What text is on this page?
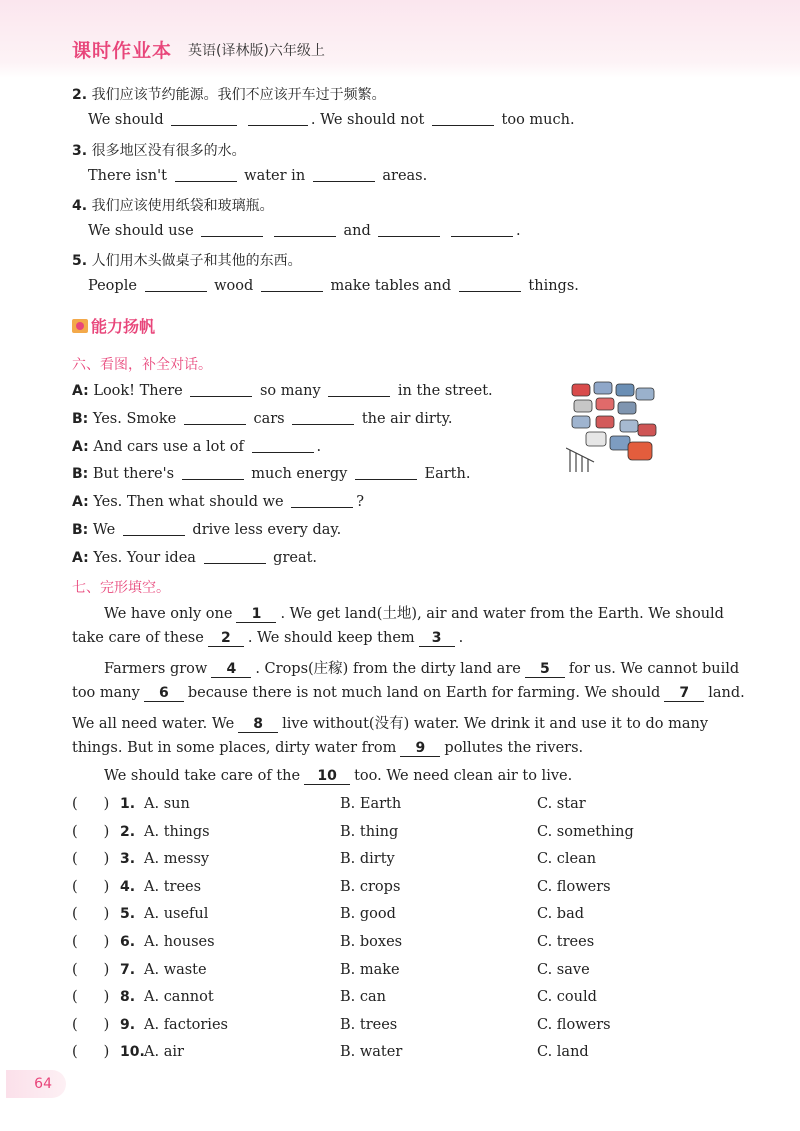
课时作业本 英语(译林版)六年级上
2. 我们应该节约能源。我们不应该开车过于频繁。
We should	. We should not	too much.
3. 很多地区没有很多的水。
There isn't	water in	areas.
4. 我们应该使用纸袋和玻璃瓶。
We should use	and	.
5. 人们用木头做桌子和其他的东西。
People	wood	make tables and	things.
能力扬帆
六、看图，补全对话。
A: Look! There	so many	in the street.
B: Yes. Smoke	cars	the air dirty.
A: And cars use a lot of	.
B: But there's	much energy	Earth.
A: Yes. Then what should we	?
B: We	drive less every day.
A: Yes. Your idea	great.
七、完形填空。
We have only one 1 . We get land(土地), air and water from the Earth. We should
take care of these 2 . We should keep them 3 .
Farmers grow 4 . Crops(庄稼) from the dirty land are 5 for us. We cannot build
too many 6 because there is not much land on Earth for farming. We should 7 land.
We all need water. We 8 live without(没有) water. We drink it and use it to do many
things. But in some places, dirty water from 9 pollutes the rivers.
We should take care of the 10 too. We need clean air to live.
( ) 1. A. sun	B. Earth	C. star
( ) 2. A. things	B. thing	C. something
( ) 3. A. messy	B. dirty	C. clean
( ) 4. A. trees	B. crops	C. flowers
( ) 5. A. useful	B. good	C. bad
( ) 6. A. houses	B. boxes	C. trees
( ) 7. A. waste	B. make	C. save
( ) 8. A. cannot	B. can	C. could
( ) 9. A. factories	B. trees	C. flowers
( ) 10. A. air	B. water	C. land
64
